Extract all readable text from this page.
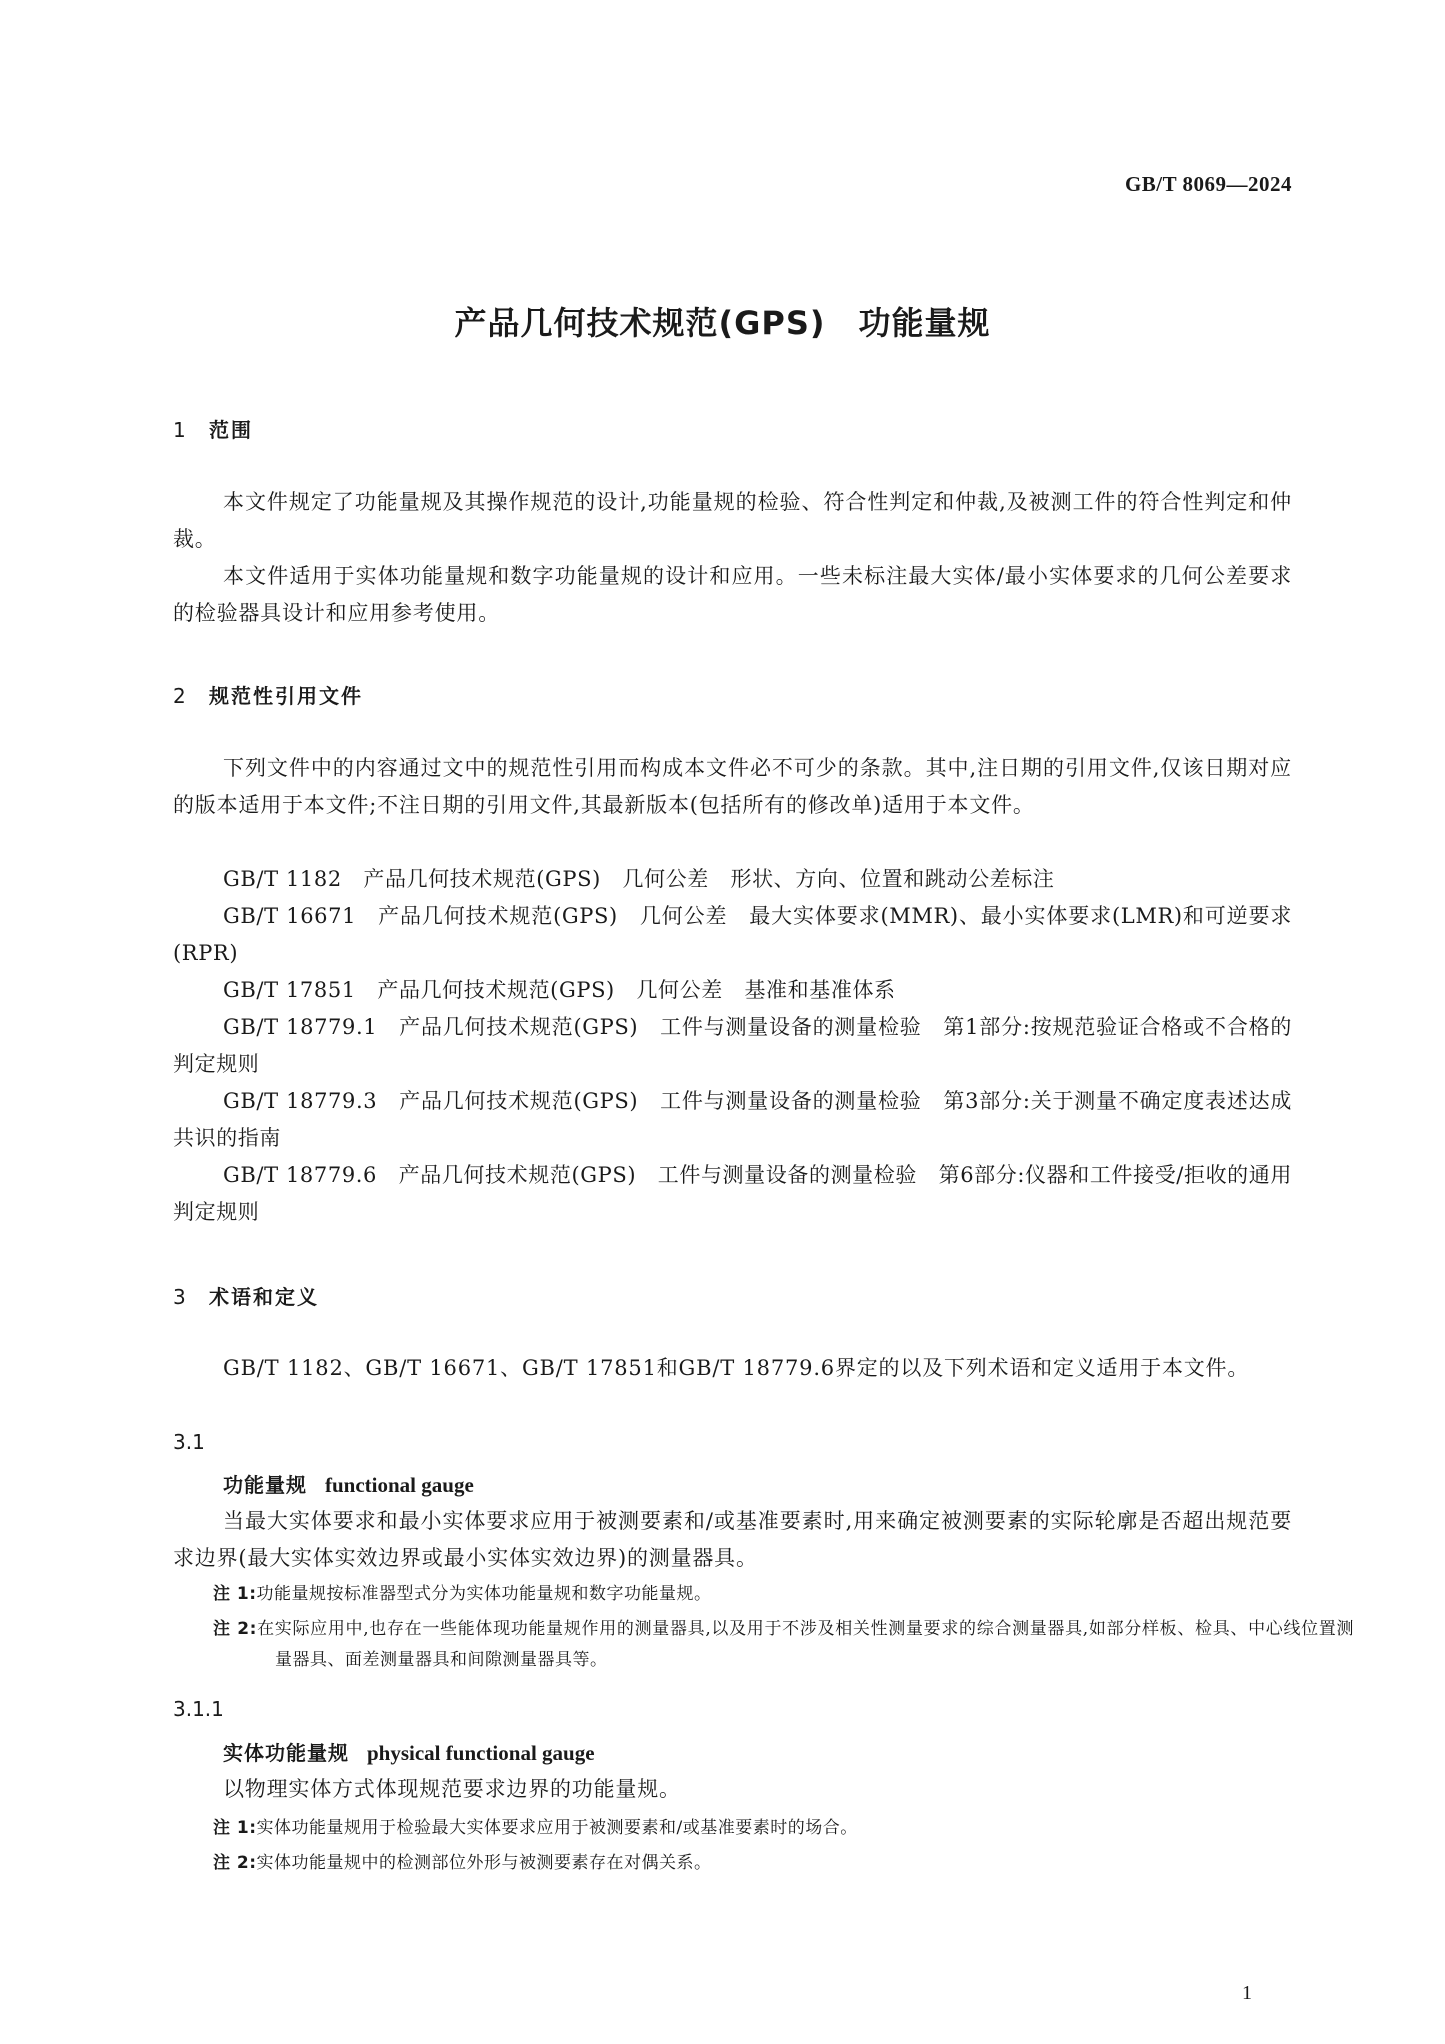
GB/T 8069—2024
产品几何技术规范(GPS)　功能量规
1 范围
本文件规定了功能量规及其操作规范的设计,功能量规的检验、符合性判定和仲裁,及被测工件的符合性判定和仲裁。
本文件适用于实体功能量规和数字功能量规的设计和应用。一些未标注最大实体/最小实体要求的几何公差要求的检验器具设计和应用参考使用。
2 规范性引用文件
下列文件中的内容通过文中的规范性引用而构成本文件必不可少的条款。其中,注日期的引用文件,仅该日期对应的版本适用于本文件;不注日期的引用文件,其最新版本(包括所有的修改单)适用于本文件。
GB/T 1182　产品几何技术规范(GPS)　几何公差　形状、方向、位置和跳动公差标注
GB/T 16671　产品几何技术规范(GPS)　几何公差　最大实体要求(MMR)、最小实体要求(LMR)和可逆要求(RPR)
GB/T 17851　产品几何技术规范(GPS)　几何公差　基准和基准体系
GB/T 18779.1　产品几何技术规范(GPS)　工件与测量设备的测量检验　第1部分:按规范验证合格或不合格的判定规则
GB/T 18779.3　产品几何技术规范(GPS)　工件与测量设备的测量检验　第3部分:关于测量不确定度表述达成共识的指南
GB/T 18779.6　产品几何技术规范(GPS)　工件与测量设备的测量检验　第6部分:仪器和工件接受/拒收的通用判定规则
3 术语和定义
GB/T 1182、GB/T 16671、GB/T 17851和GB/T 18779.6界定的以及下列术语和定义适用于本文件。
3.1
功能量规 functional gauge
当最大实体要求和最小实体要求应用于被测要素和/或基准要素时,用来确定被测要素的实际轮廓是否超出规范要求边界(最大实体实效边界或最小实体实效边界)的测量器具。
注 1:功能量规按标准器型式分为实体功能量规和数字功能量规。
注 2:在实际应用中,也存在一些能体现功能量规作用的测量器具,以及用于不涉及相关性测量要求的综合测量器具,如部分样板、检具、中心线位置测量器具、面差测量器具和间隙测量器具等。
3.1.1
实体功能量规 physical functional gauge
以物理实体方式体现规范要求边界的功能量规。
注 1:实体功能量规用于检验最大实体要求应用于被测要素和/或基准要素时的场合。
注 2:实体功能量规中的检测部位外形与被测要素存在对偶关系。
1
